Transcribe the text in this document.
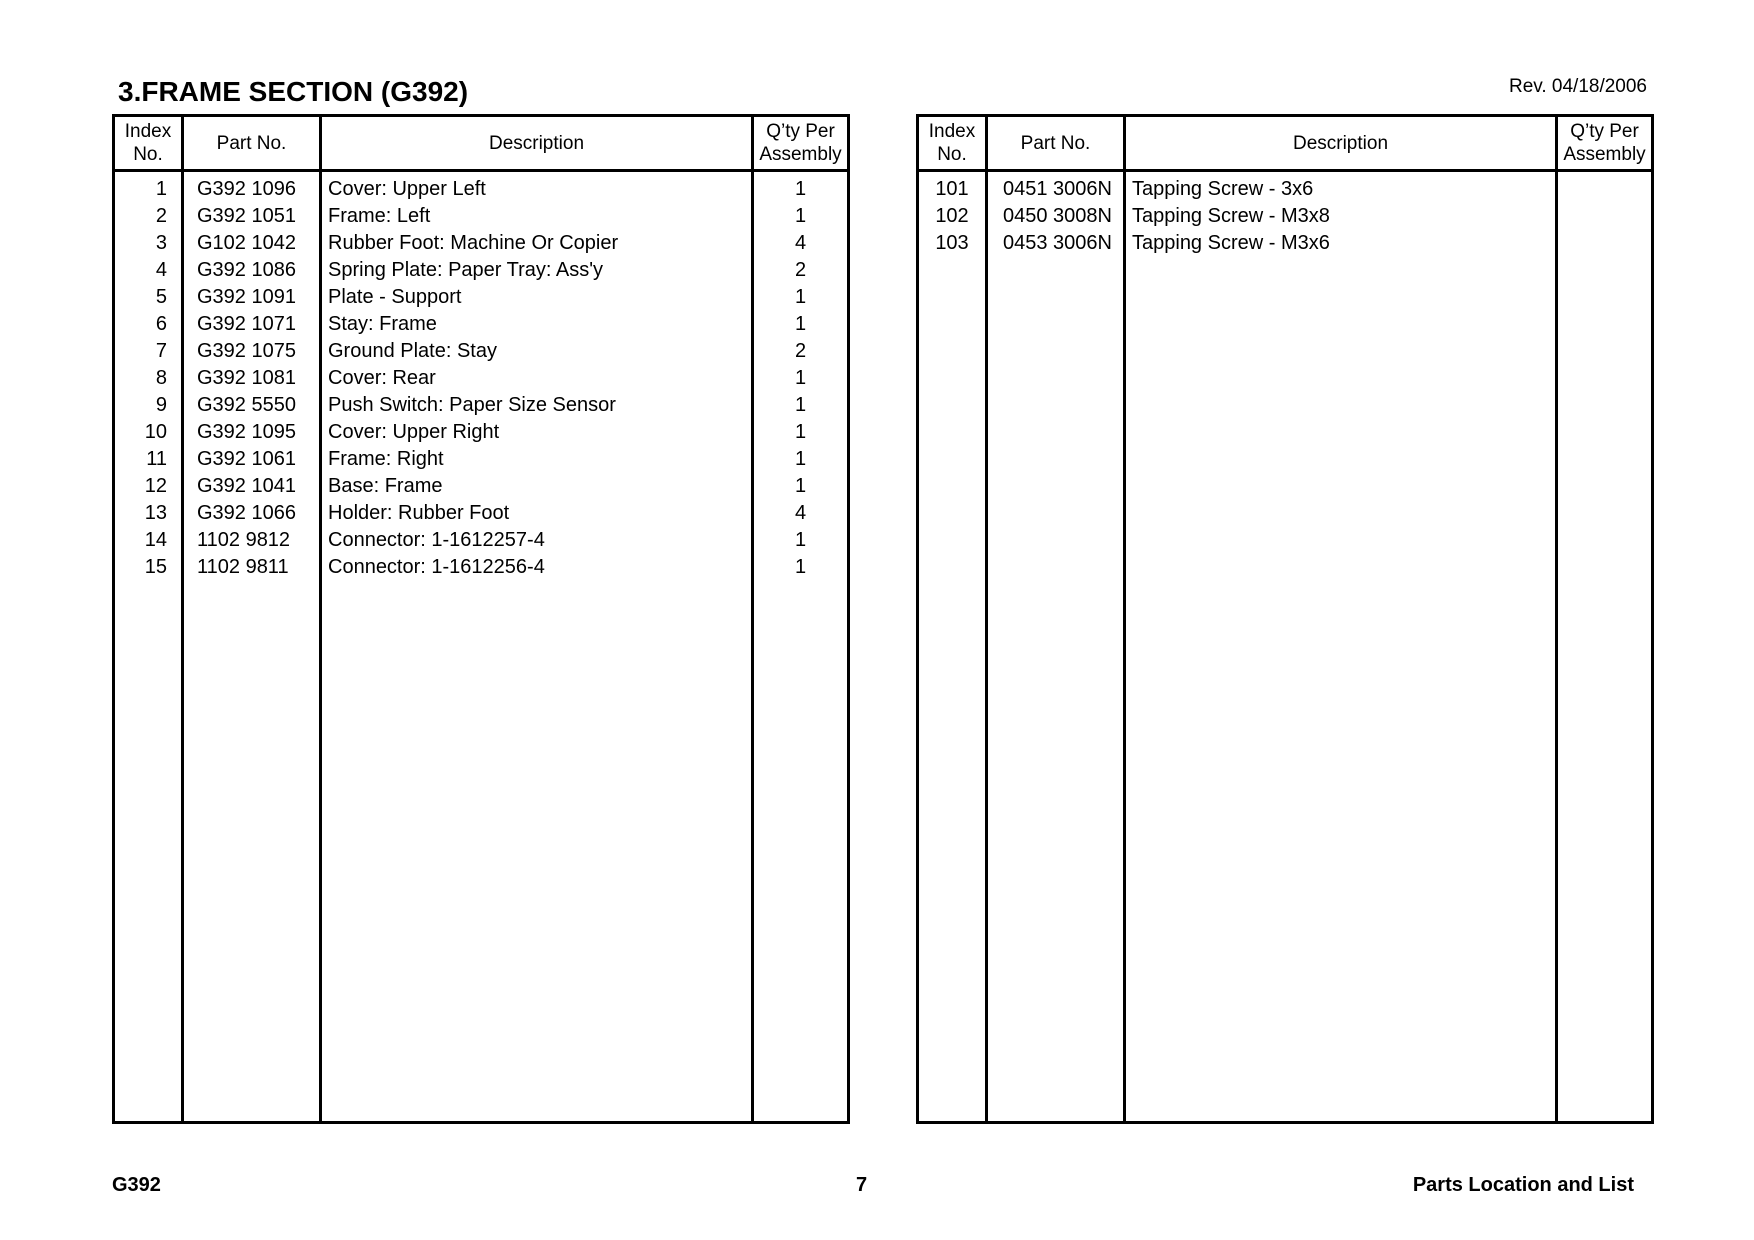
3.FRAME SECTION (G392)	Rev. 04/18/2006
Index
No.	Part No.	Description	Q’ty Per
Assembly
1	G392 1096	Cover: Upper Left	1
2	G392 1051	Frame: Left	1
3	G102 1042	Rubber Foot: Machine Or Copier	4
4	G392 1086	Spring Plate: Paper Tray: Ass'y	2
5	G392 1091	Plate - Support	1
6	G392 1071	Stay: Frame	1
7	G392 1075	Ground Plate: Stay	2
8	G392 1081	Cover: Rear	1
9	G392 5550	Push Switch: Paper Size Sensor	1
10	G392 1095	Cover: Upper Right	1
11	G392 1061	Frame: Right	1
12	G392 1041	Base: Frame	1
13	G392 1066	Holder: Rubber Foot	4
14	1102 9812	Connector: 1-1612257-4	1
15	1102 9811	Connector: 1-1612256-4	1

Index
No.	Part No.	Description	Q’ty Per
Assembly
101	0451 3006N	Tapping Screw - 3x6	
102	0450 3008N	Tapping Screw - M3x8	
103	0453 3006N	Tapping Screw - M3x6	

G392	7	Parts Location and List
